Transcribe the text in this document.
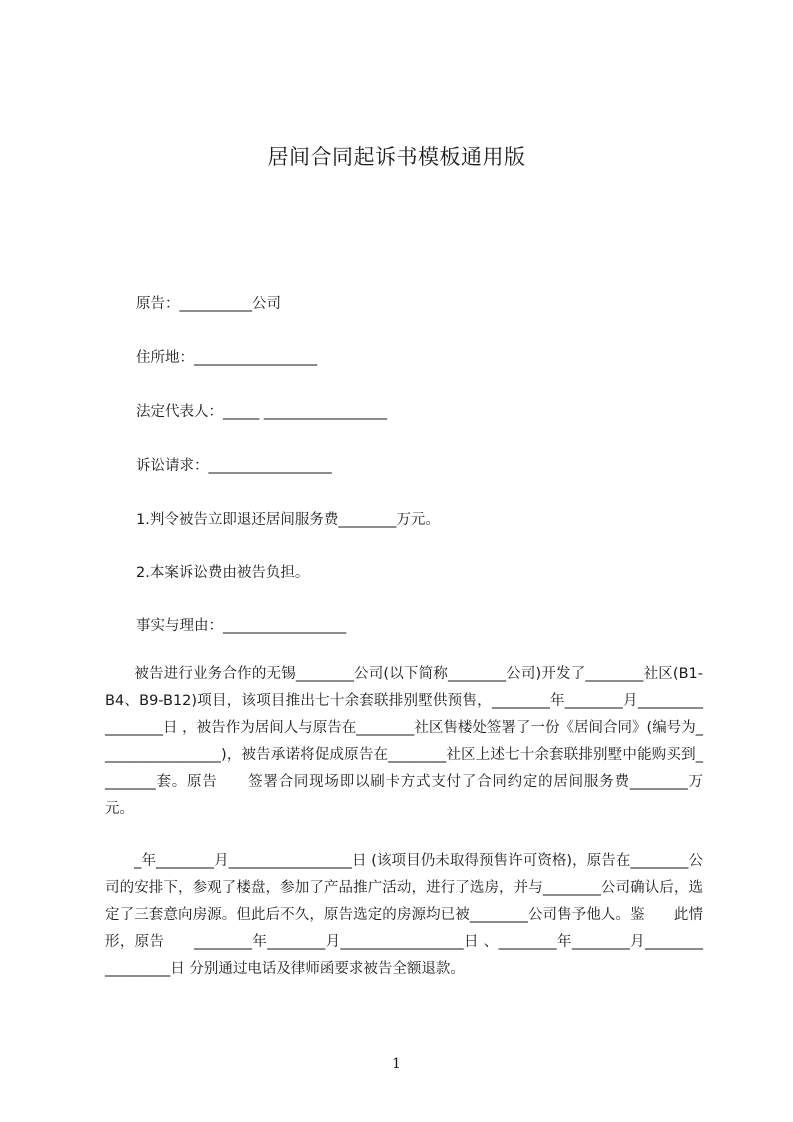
居间合同起诉书模板通用版
原告：__________公司
住所地：_________________
法定代表人：_____ _________________
诉讼请求：_________________
1.判令被告立即退还居间服务费________万元。
2.本案诉讼费由被告负担。
事实与理由：_________________
　　被告进行业务合作的无锡________公司(以下简称________公司)开发了________社区(B1-B4、B9-B12)项目，该项目推出七十余套联排别墅供预售，________年________月_________________日 ，被告作为居间人与原告在________社区售楼处签署了一份《居间合同》(编号为_________________)，被告承诺将促成原告在________社区上述七十余套联排别墅中能购买到________套。原告　　签署合同现场即以刷卡方式支付了合同约定的居间服务费________万元。
　　_年________月_________________日 (该项目仍未取得预售许可资格)，原告在________公司的安排下，参观了楼盘，参加了产品推广活动，进行了选房，并与________公司确认后，选定了三套意向房源。但此后不久，原告选定的房源均已被________公司售予他人。鉴　　此情形，原告　　________年________月_________________日 、________年________月_________________日 分别通过电话及律师函要求被告全额退款。
1
